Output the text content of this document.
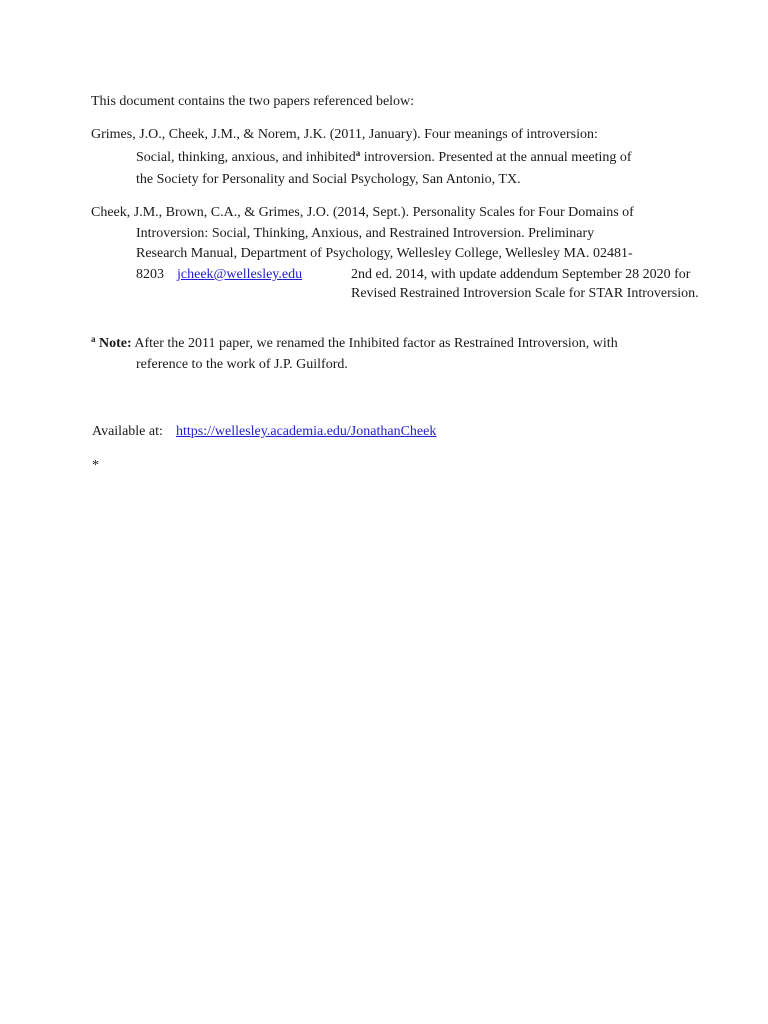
This document contains the two papers referenced below:
Grimes, J.O., Cheek, J.M., & Norem, J.K. (2011, January). Four meanings of introversion:
Social, thinking, anxious, and inhibited$^a$ introversion. Presented at the annual meeting of
the Society for Personality and Social Psychology, San Antonio, TX.
Cheek, J.M., Brown, C.A., & Grimes, J.O. (2014, Sept.). Personality Scales for Four Domains of
Introversion: Social, Thinking, Anxious, and Restrained Introversion. Preliminary
Research Manual, Department of Psychology, Wellesley College, Wellesley MA. 02481-
8203 jcheek@wellesley.edu	2nd ed. 2014, with update addendum September 28 2020 for
Revised Restrained Introversion Scale for STAR Introversion.
$^a$ Note: After the 2011 paper, we renamed the Inhibited factor as Restrained Introversion, with
reference to the work of J.P. Guilford.
Available at: https://wellesley.academia.edu/JonathanCheek
*
